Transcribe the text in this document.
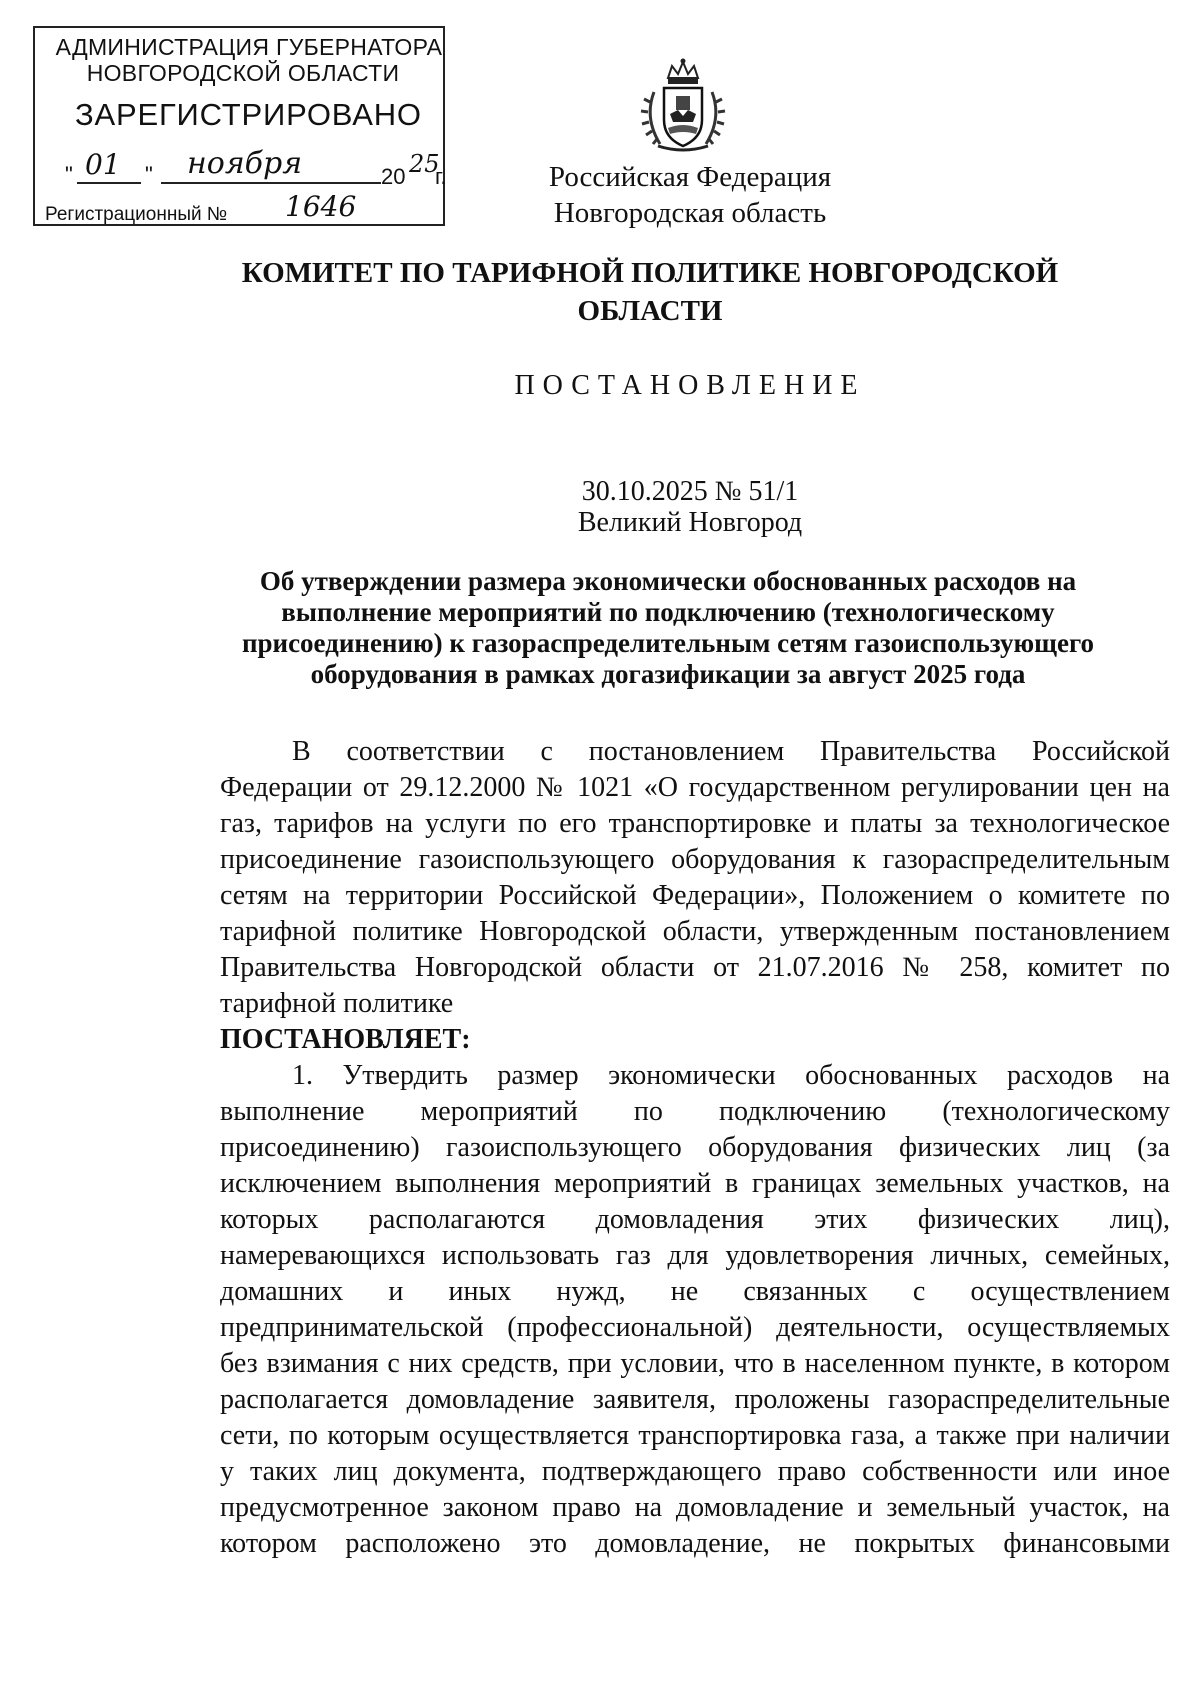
АДМИНИСТРАЦИЯ ГУБЕРНАТОРА
НОВГОРОДСКОЙ ОБЛАСТИ
ЗАРЕГИСТРИРОВАНО
" 01 " ноября	20 25
г.
Регистрационный № 1646
Российская Федерация
Новгородская область
КОМИТЕТ ПО ТАРИФНОЙ ПОЛИТИКЕ НОВГОРОДСКОЙ
ОБЛАСТИ
ПОСТАНОВЛЕНИЕ
30.10.2025 № 51/1
Великий Новгород
Об утверждении размера экономически обоснованных расходов на
выполнение мероприятий по подключению (технологическому
присоединению) к газораспределительным сетям газоиспользующего
оборудования в рамках догазификации за август 2025 года
В соответствии с постановлением Правительства Российской
Федерации от 29.12.2000 № 1021 «О государственном регулировании цен на
газ, тарифов на услуги по его транспортировке и платы за технологическое
присоединение газоиспользующего оборудования к газораспределительным
сетям на территории Российской Федерации», Положением о комитете по
тарифной политике Новгородской области, утвержденным постановлением
Правительства Новгородской области от 21.07.2016 № 258, комитет по
тарифной политике
ПОСТАНОВЛЯЕТ:
1. Утвердить размер экономически обоснованных расходов на
выполнение мероприятий по подключению (технологическому
присоединению) газоиспользующего оборудования физических лиц (за
исключением выполнения мероприятий в границах земельных участков, на
которых располагаются домовладения этих физических лиц),
намеревающихся использовать газ для удовлетворения личных, семейных,
домашних и иных нужд, не связанных с осуществлением
предпринимательской (профессиональной) деятельности, осуществляемых
без взимания с них средств, при условии, что в населенном пункте, в котором
располагается домовладение заявителя, проложены газораспределительные
сети, по которым осуществляется транспортировка газа, а также при наличии
у таких лиц документа, подтверждающего право собственности или иное
предусмотренное законом право на домовладение и земельный участок, на
котором расположено это домовладение, не покрытых финансовыми
